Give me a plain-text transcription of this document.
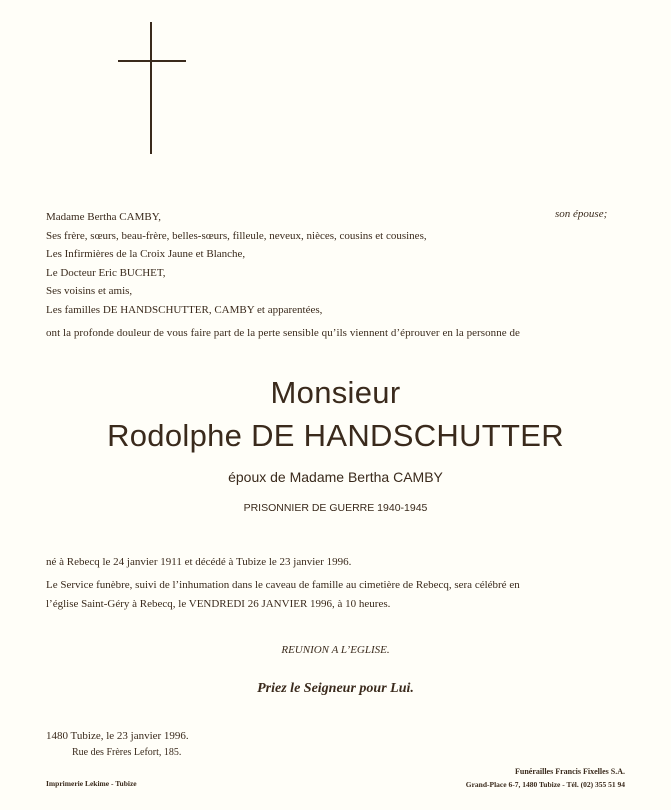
Madame Bertha CAMBY,
Ses frère, sœurs, beau-frère, belles-sœurs, filleule, neveux, nièces, cousins et cousines,
Les Infirmières de la Croix Jaune et Blanche,
Le Docteur Eric BUCHET,
Ses voisins et amis,
Les familles DE HANDSCHUTTER, CAMBY et apparentées,
son épouse;
ont la profonde douleur de vous faire part de la perte sensible qu’ils viennent d’éprouver en la personne de
Monsieur
Rodolphe DE HANDSCHUTTER
époux de Madame Bertha CAMBY
PRISONNIER DE GUERRE 1940-1945
né à Rebecq le 24 janvier 1911 et décédé à Tubize le 23 janvier 1996.
Le Service funèbre, suivi de l’inhumation dans le caveau de famille au cimetière de Rebecq, sera célébré en
l’église Saint-Géry à Rebecq, le VENDREDI 26 JANVIER 1996, à 10 heures.
REUNION A L’EGLISE.
Priez le Seigneur pour Lui.
1480 Tubize, le 23 janvier 1996.
Rue des Frères Lefort, 185.
Imprimerie Lekime - Tubize
Funérailles Francis Fixelles S.A.
Grand-Place 6-7, 1480 Tubize - Tél. (02) 355 51 94
